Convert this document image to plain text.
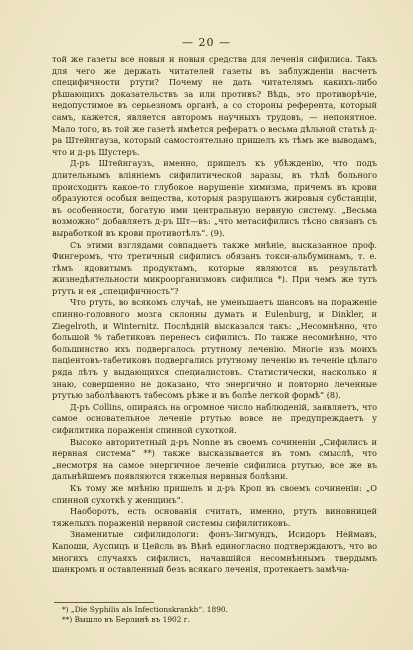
— 20 —

той же газеты все новыя и новыя средства для леченія сифилиса. Такъ для чего же держать читателей газеты въ заблужденіи насчетъ специфичности ртути? Почему не дать читателямъ какихъ-либо рѣшающихъ доказательствъ за или противъ? Вѣдь, это противорѣчіе, недопустимое въ серьезномъ органѣ, а со стороны референта, который самъ, кажется, является авторомъ научныхъ трудовъ, — непонятное. Мало того, въ той же газетѣ имѣется рефератъ о весьма дѣльной статьѣ д-ра Штейнгауза, который самостоятельно пришелъ къ тѣмъ же выводамъ, что и д-ръ Шустеръ.

Д-ръ Штейнгаузъ, именно, пришелъ къ убѣжденію, что подъ длительнымъ вліяніемъ сифилитической заразы, въ тѣлѣ больного происходитъ какое-то глубокое нарушеніе химизма, причемъ въ крови образуются особыя вещества, которыя разрушаютъ жировыя субстанціи, въ особенности, богатую ими центральную нервную систему. „Весьма возможно“ добавляетъ д-ръ Шт—въ: „что метасифилисъ тѣсно связанъ съ выработкой въ крови противотѣлъ“. (9).

Съ этими взглядами совпадаетъ также мнѣніе, высказанное проф. Фингеромъ, что третичный сифилисъ обязанъ токси-альбуминамъ, т. е. тѣмъ ядовитымъ продуктамъ, которые являются въ результатѣ жизнедѣятельности микроорганизмовъ сифилиса *). При чемъ же тутъ ртуть и ея „специфичность“?

Что ртуть, во всякомъ случаѣ, не уменьшаетъ шансовъ на пораженіе спинно-головного мозга склонны думать и Eulenburg, и Dinkler, и Ziegelroth, и Winternitz. Послѣдній высказался такъ: „Несомнѣнно, что большой % табетиковъ перенесъ сифилисъ. По также несомнѣнно, что большинство ихъ подвергалось ртутному леченію. Многіе изъ моихъ паціентовъ-табетиковъ подвергались ртутному леченію въ теченіе цѣлаго ряда лѣтъ у выдающихся специалистовъ. Статистически, насколько я знаю, совершенно не доказано, что энергично и повторно леченные ртутью заболѣваютъ табесомъ рѣже и въ болѣе легкой формѣ“ (8).

Д-ръ Collins, опираясь на огромное число наблюденій, заявляетъ, что самое основательное леченіе ртутью вовсе не предупреждаетъ у сифилитика пораженія спинной сухоткой.

Высоко авторитетный д-ръ Nonne въ своемъ сочиненіи „Сифилисъ и нервная система“ **) также высказывается въ томъ смыслѣ, что „несмотря на самое энергичное леченіе сифилиса ртутью, все же въ дальнѣйшемъ появляются тяжелыя нервныя болѣзни.

Къ тому же мнѣнію пришелъ и д-ръ Кроп въ своемъ сочиненіи: „О спинной сухоткѣ у женщинъ“.

Наоборотъ, есть основанія считать, именно, ртуть виновницей тяжелыхъ пораженій нервной системы сифилитиковъ.

Знаменитые сифилидологи: фонъ-Зигмундъ, Исидоръ Неймавъ, Капоши, Ауспицъ и Цейсль въ Вѣнѣ единогласно подтверждаютъ, что во многихъ случаяхъ сифилисъ, начавшійся несомнѣннымъ твердымъ шанкромъ и оставленный безъ всякаго леченія, протекаетъ замѣча-

*) „Die Syphilis als Infectionskrankh“. 1890.
**) Вышло въ Берлинѣ въ 1902 г.
